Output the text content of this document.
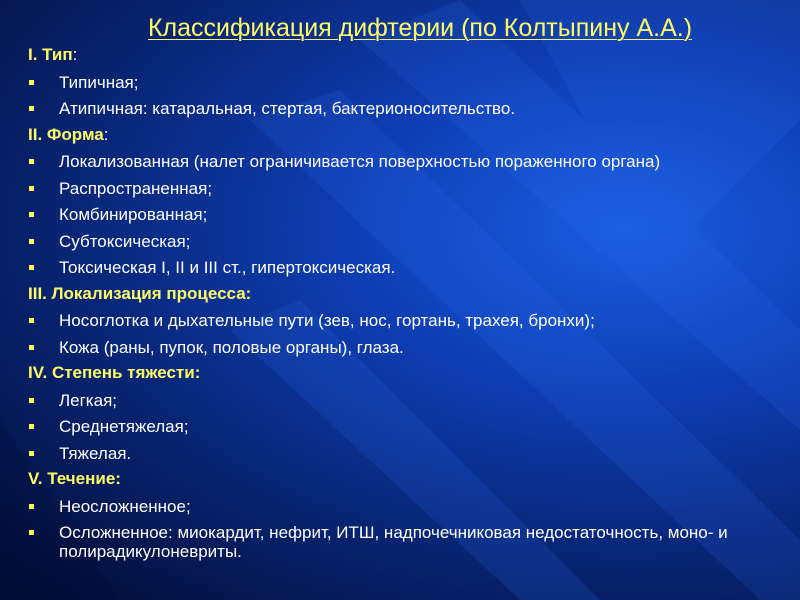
Классификация дифтерии (по Колтыпину А.А.)
I. Тип:
Типичная;
Атипичная: катаральная, стертая, бактерионосительство.
II. Форма:
Локализованная (налет ограничивается поверхностью пораженного органа)
Распространенная;
Комбинированная;
Субтоксическая;
Токсическая I, II и III ст., гипертоксическая.
III. Локализация процесса:
Носоглотка и дыхательные пути (зев, нос, гортань, трахея, бронхи);
Кожа (раны, пупок, половые органы), глаза.
IV. Степень тяжести:
Легкая;
Среднетяжелая;
Тяжелая.
V. Течение:
Неосложненное;
Осложненное: миокардит, нефрит, ИТШ, надпочечниковая недостаточность, моно- и полирадикулоневриты.
